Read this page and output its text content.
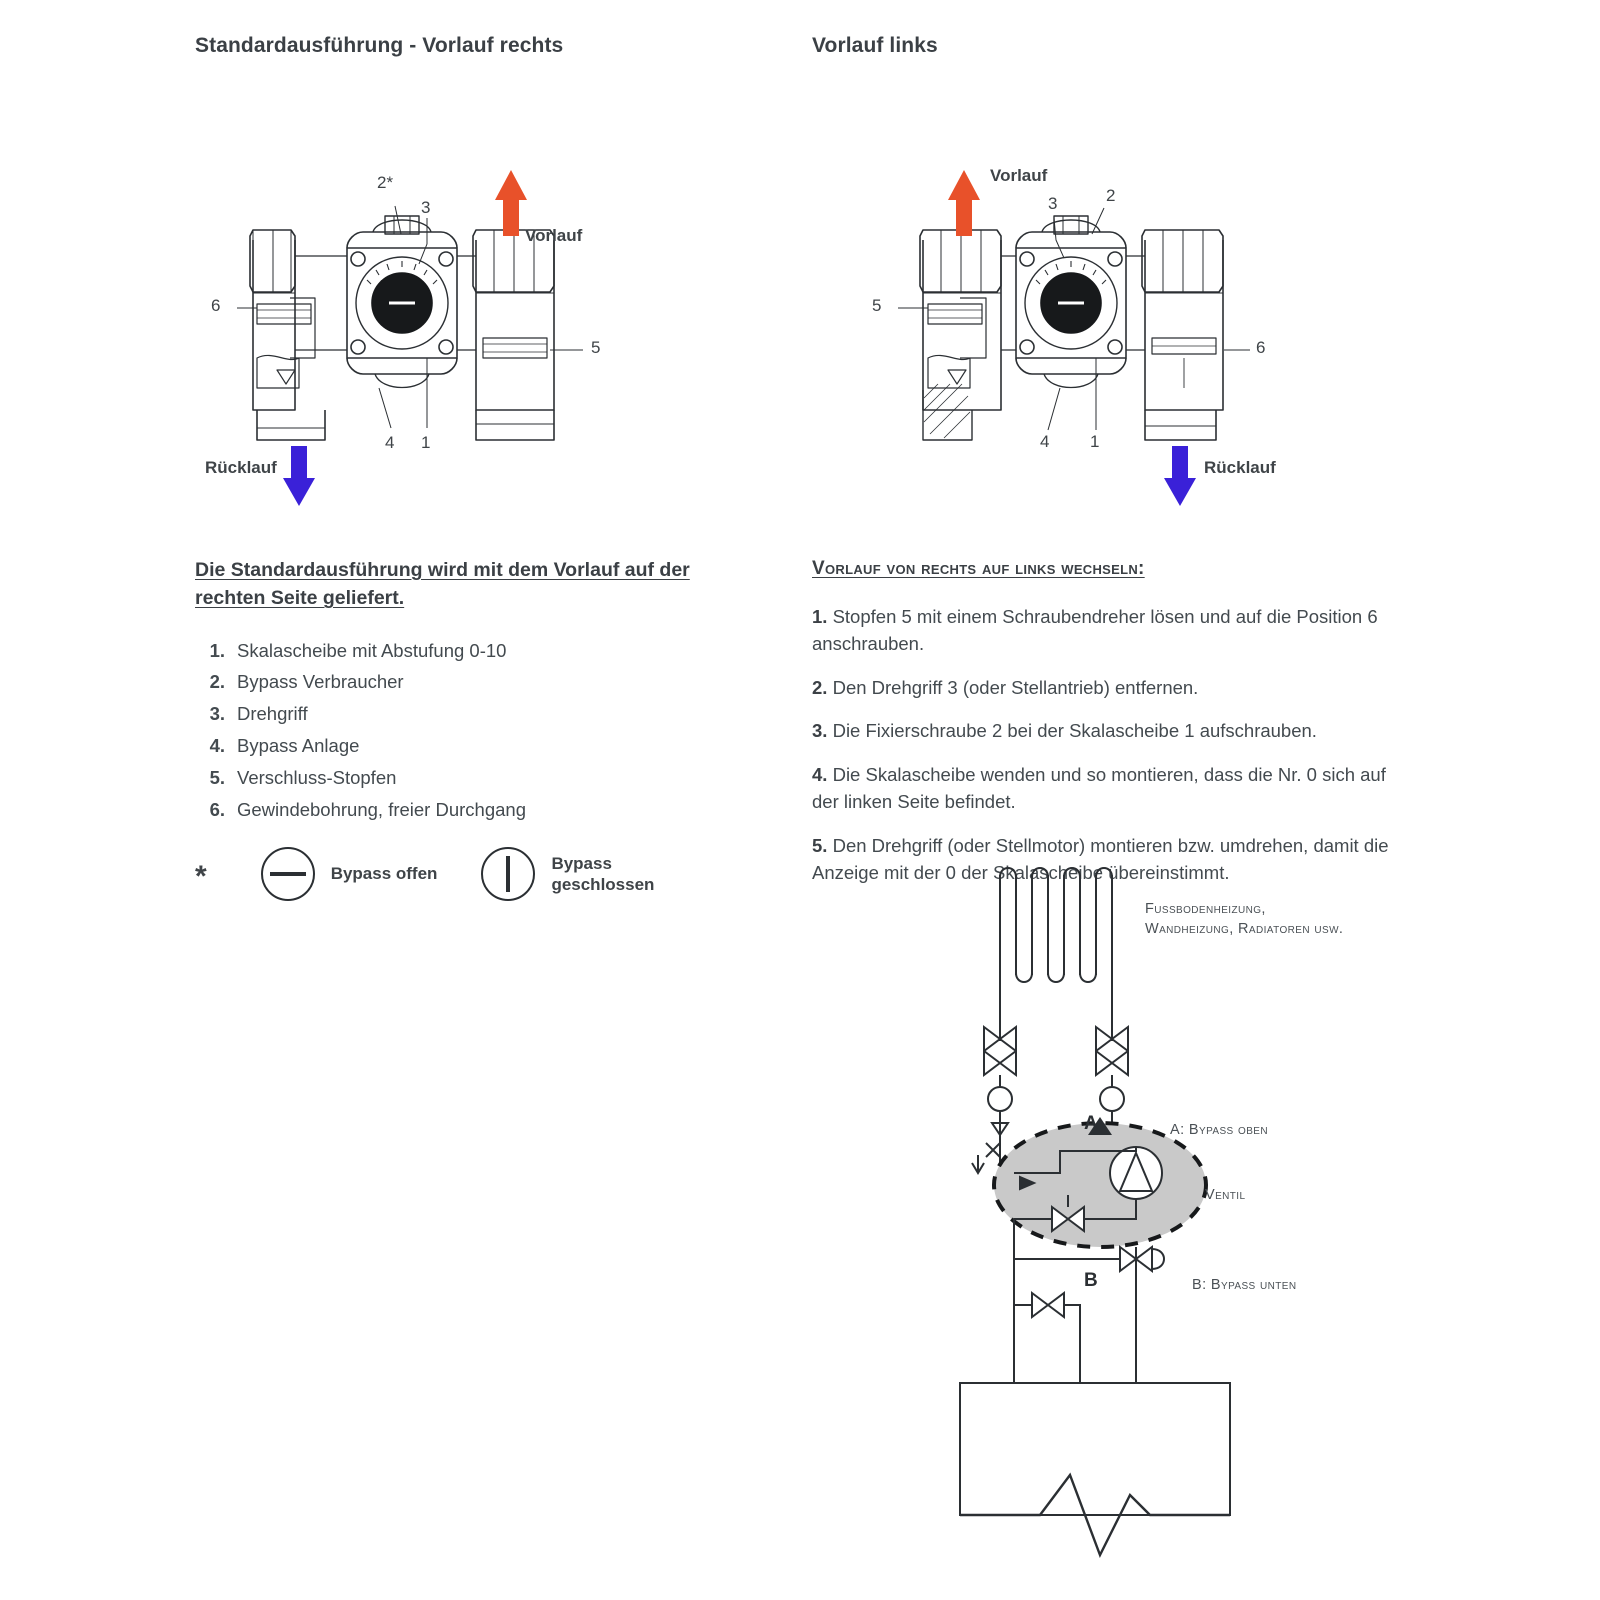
Standardausführung - Vorlauf rechts
Vorlauf
Rücklauf
2*
3
6
5
4 1

Die Standardausführung wird mit dem Vorlauf auf der rechten Seite geliefert.

1. Skalascheibe mit Abstufung 0-10
2. Bypass Verbraucher
3. Drehgriff
4. Bypass Anlage
5. Verschluss-Stopfen
6. Gewindebohrung, freier Durchgang
*	Bypass offen
Bypass
geschlossen
Vorlauf links
Vorlauf
Rücklauf
3	2
5
6
4 1

Vorlauf von rechts auf links wechseln:

1. Stopfen 5 mit einem Schraubendreher lösen und auf die Position 6 anschrauben.

2. Den Drehgriff 3 (oder Stellantrieb) entfernen.

3. Die Fixierschraube 2 bei der Skalascheibe 1 aufschrauben.

4. Die Skalascheibe wenden und so montieren, dass die Nr. 0 sich auf der linken Seite befindet.

5. Den Drehgriff (oder Stellmotor) montieren bzw. umdrehen, damit die Anzeige mit der 0 der Skalascheibe übereinstimmt.

Fussbodenheizung,
Wandheizung, Radiatoren usw.
A: Bypass oben
Ventil
B: Bypass unten
A
B
